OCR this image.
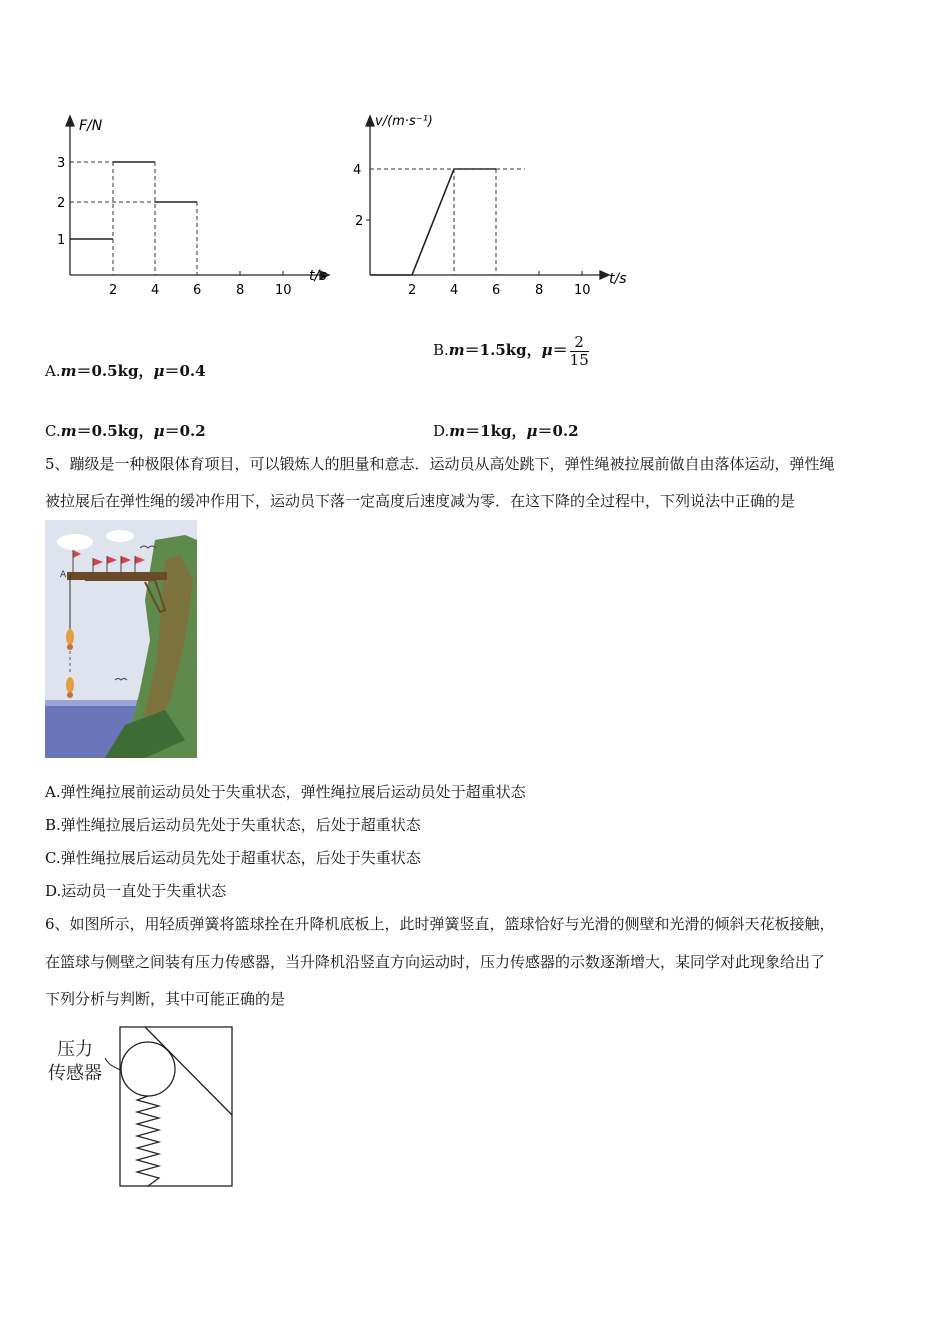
F/N
t/s
1
2
3
2	4	6	8 10
v/(m·s⁻¹)
t/s
2
4
2	4	6	8 10
A.m＝0.5kg，μ＝0.4
B.m＝1.5kg，$\mu= \frac{2}{15}$
C.m＝0.5kg，μ＝0.2	D.m＝1kg，μ＝0.2
5、蹦级是一种极限体育项目，可以锻炼人的胆量和意志．运动员从高处跳下，弹性绳被拉展前做自由落体运动，弹性绳
被拉展后在弹性绳的缓冲作用下，运动员下落一定高度后速度减为零．在这下降的全过程中，下列说法中正确的是
A
A.弹性绳拉展前运动员处于失重状态，弹性绳拉展后运动员处于超重状态
B.弹性绳拉展后运动员先处于失重状态，后处于超重状态
C.弹性绳拉展后运动员先处于超重状态，后处于失重状态
D.运动员一直处于失重状态
6、如图所示，用轻质弹簧将篮球拴在升降机底板上，此时弹簧竖直，篮球恰好与光滑的侧壁和光滑的倾斜天花板接触，
在篮球与侧壁之间装有压力传感器，当升降机沿竖直方向运动时，压力传感器的示数逐渐增大，某同学对此现象给出了
下列分析与判断，其中可能正确的是
压力
传感器
